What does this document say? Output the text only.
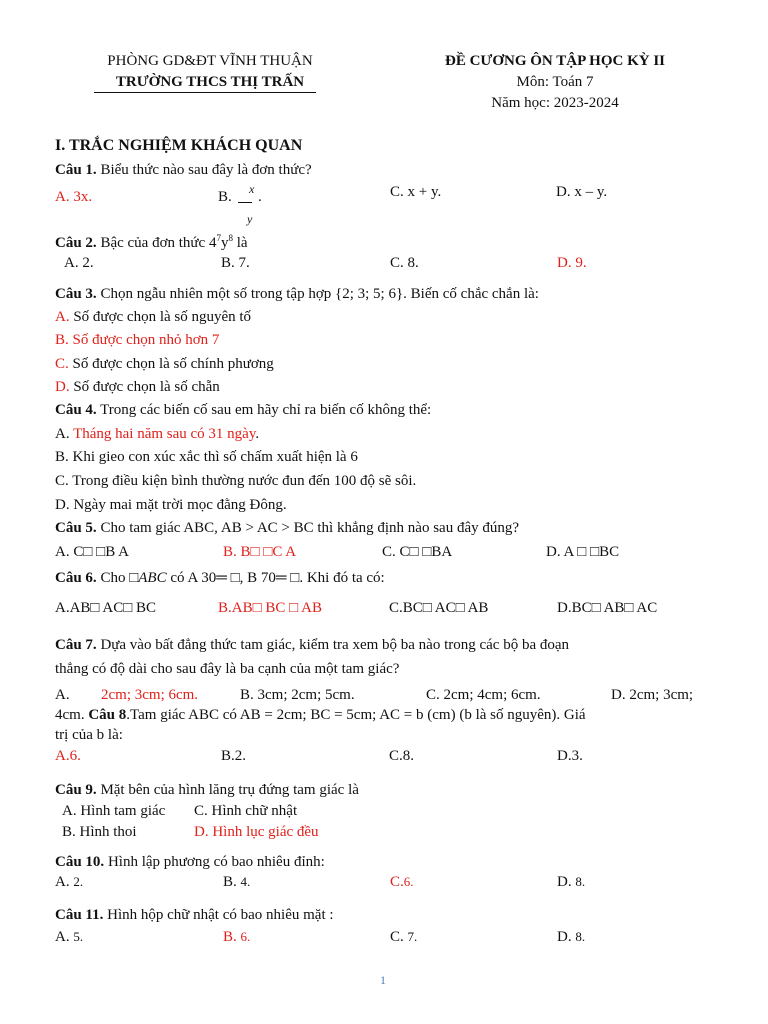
PHÒNG GD&ĐT VĨNH THUẬN
TRƯỜNG THCS THỊ TRẤN
ĐỀ CƯƠNG ÔN TẬP HỌC KỲ II
Môn: Toán 7
Năm học: 2023-2024
I. TRẮC NGHIỆM KHÁCH QUAN
Câu 1. Biểu thức nào sau đây là đơn thức?
A. 3x.	B. x
y
.	C. x + y.	D. x – y.
Câu 2. Bậc của đơn thức $4^7y^8$ là
A. 2.	B. 7.	C. 8.	D. 9.
Câu 3. Chọn ngẫu nhiên một số trong tập hợp {2; 3; 5; 6}. Biến cố chắc chắn là:
A. Số được chọn là số nguyên tố
B. Số được chọn nhỏ hơn 7
C. Số được chọn là số chính phương
D. Số được chọn là số chẵn
Câu 4. Trong các biến cố sau em hãy chỉ ra biến cố không thể:
A. Tháng hai năm sau có 31 ngày.
B. Khi gieo con xúc xắc thì số chấm xuất hiện là 6
C. Trong điều kiện bình thường nước đun đến 100 độ sẽ sôi.
D. Ngày mai mặt trời mọc đằng Đông.
Câu 5. Cho tam giác ABC, AB > AC > BC thì khẳng định nào sau đây đúng?
A. C□ □B A	B. B□ □C A	C. C□ □BA	D. A □ □BC
Câu 6. Cho □ABC có A 30═ □, B 70═ □. Khi đó ta có:
A.AB□ AC□ BC	B.AB□ BC □ AB	C.BC□ AC□ AB	D.BC□ AB□ AC
Câu 7. Dựa vào bất đẳng thức tam giác, kiểm tra xem bộ ba nào trong các bộ ba đoạn
thẳng có độ dài cho sau đây là ba cạnh của một tam giác?
A. 2cm; 3cm; 6cm.	B. 3cm; 2cm; 5cm.	C. 2cm; 4cm; 6cm.	D. 2cm; 3cm;
4cm. Câu 8.Tam giác ABC có AB = 2cm; BC = 5cm; AC = b (cm) (b là số nguyên). Giá
trị của b là:
A.6.	B.2.	C.8.	D.3.
Câu 9. Mặt bên của hình lăng trụ đứng tam giác là
A. Hình tam giác C. Hình chữ nhật
B. Hình thoi	D. Hình lục giác đều
Câu 10. Hình lập phương có bao nhiêu đỉnh:
A. 2.	B. 4.	C.6.	D. 8.
Câu 11. Hình hộp chữ nhật có bao nhiêu mặt :
A. 5.	B. 6.	C. 7.	D. 8.
1
